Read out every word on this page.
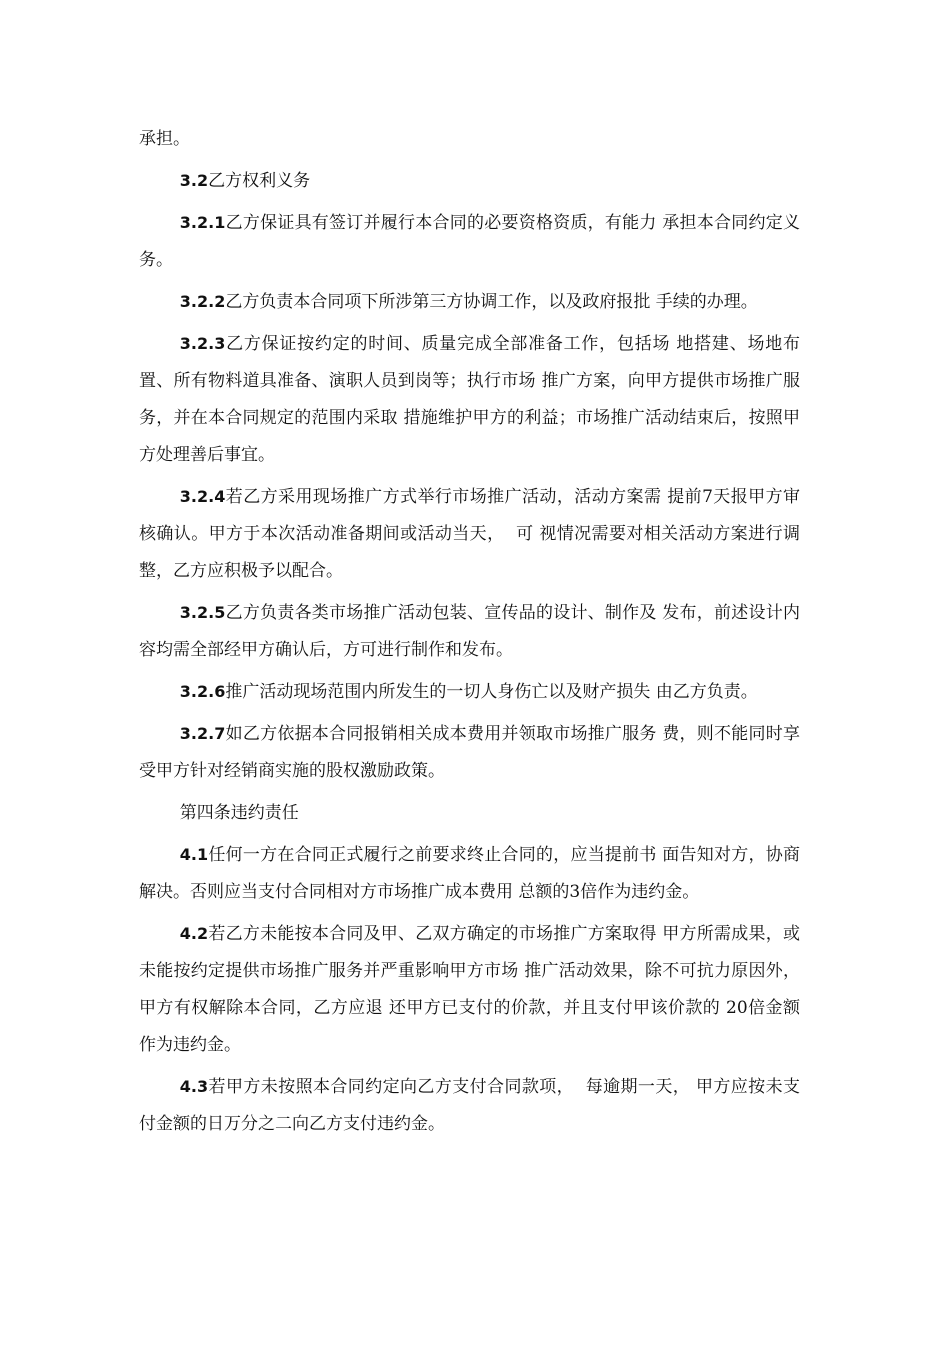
承担。

3.2乙方权利义务

3.2.1乙方保证具有签订并履行本合同的必要资格资质，有能力 承担本合同约定义务。

3.2.2乙方负责本合同项下所涉第三方协调工作，以及政府报批 手续的办理。

3.2.3乙方保证按约定的时间、质量完成全部准备工作，包括场 地搭建、场地布置、所有物料道具准备、演职人员到岗等；执行市场 推广方案，向甲方提供市场推广服务，并在本合同规定的范围内采取 措施维护甲方的利益；市场推广活动结束后，按照甲方处理善后事宜。

3.2.4若乙方采用现场推广方式举行市场推广活动，活动方案需 提前7天报甲方审核确认。甲方于本次活动准备期间或活动当天，  可 视情况需要对相关活动方案进行调整，乙方应积极予以配合。

3.2.5乙方负责各类市场推广活动包装、宣传品的设计、制作及 发布，前述设计内容均需全部经甲方确认后，方可进行制作和发布。

3.2.6推广活动现场范围内所发生的一切人身伤亡以及财产损失 由乙方负责。

3.2.7如乙方依据本合同报销相关成本费用并领取市场推广服务 费，则不能同时享受甲方针对经销商实施的股权激励政策。

第四条违约责任

4.1任何一方在合同正式履行之前要求终止合同的，应当提前书 面告知对方，协商解决。否则应当支付合同相对方市场推广成本费用 总额的3倍作为违约金。

4.2若乙方未能按本合同及甲、乙双方确定的市场推广方案取得 甲方所需成果，或未能按约定提供市场推广服务并严重影响甲方市场 推广活动效果，除不可抗力原因外，甲方有权解除本合同，乙方应退 还甲方已支付的价款，并且支付甲该价款的 20倍金额作为违约金。

4.3若甲方未按照本合同约定向乙方支付合同款项，  每逾期一天， 甲方应按未支付金额的日万分之二向乙方支付违约金。
